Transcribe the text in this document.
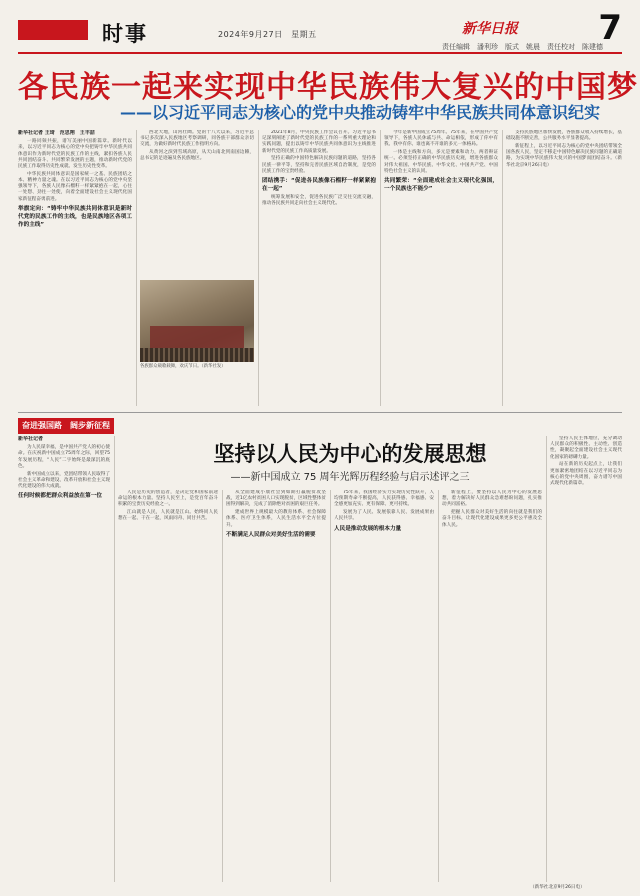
时事	2024年9月27日　星期五	新华日报 7
责任编辑　潘利珍　版式　姚晨　责任校对　陈建德
各民族一起来实现中华民族伟大复兴的中国梦
——以习近平同志为核心的党中央推动铸牢中华民族共同体意识纪实
新华社记者 王琦　范思翔　王丰喆

一路同频共振，谱写美丽中国新篇章。新时代以来，以习近平同志为核心的党中央把铸牢中华民族共同体意识作为新时代党的民族工作的主线，紧扣各族人民共同团结奋斗、共同繁荣发展的主题，推动新时代党的民族工作取得历史性成就、发生历史性变革。

中华民族共同体意识是国家统一之基、民族团结之本、精神力量之魂。在以习近平同志为核心的党中央坚强领导下，各族人民像石榴籽一样紧紧抱在一起，心往一处想、劲往一处使，向着全面建设社会主义现代化国家新征程奋勇前进。

举旗定向：“铸牢中华民族共同体意识是新时代党的民族工作的主线，也是民族地区各项工作的主线”

西北大地，山河壮阔。党的十八大以来，习近平总书记多次深入民族地区考察调研，同各族干部群众亲切交流，为做好新时代民族工作指明方向。

从黄河之滨到雪域高原，从天山南北到南国边陲，总书记的足迹遍及各民族地区。

各族群众载歌载舞，欢庆节日。（新华社发）

2021年8月，中央民族工作会议召开。习近平总书记深刻阐述了新时代党的民族工作的一系列重大理论和实践问题，提出以铸牢中华民族共同体意识为主线推进新时代党的民族工作高质量发展。

坚持正确的中国特色解决民族问题的道路，坚持各民族一律平等，坚持和完善民族区域自治制度，是党的民族工作的宝贵经验。

团结携手：“促进各民族像石榴籽一样紧紧抱在一起”

统筹发展和安全，促进各民族广泛交往交流交融，推动各民族共同走向社会主义现代化。

今年是新中国成立75周年。75年来，在中国共产党领导下，各族人民休戚与共、命运相依，形成了你中有我、我中有你、谁也离不开谁的多元一体格局。

一体是主线和方向，多元是要素和动力，两者辩证统一。必须坚持正确的中华民族历史观，增进各族群众对伟大祖国、中华民族、中华文化、中国共产党、中国特色社会主义的认同。

共同繁荣：“全面建成社会主义现代化强国，一个民族也不能少”

支持民族地区加快发展，各族群众收入持续增长，基础设施不断完善，公共服务水平显著提高。

新征程上，以习近平同志为核心的党中央团结带领全国各族人民，坚定不移走中国特色解决民族问题的正确道路，为实现中华民族伟大复兴的中国梦而团结奋斗。（新华社北京9月26日电）

奋进强国路　阔步新征程
坚持以人民为中心的发展思想
——新中国成立 75 周年光辉历程经验与启示述评之三
新华社记者

为人民谋幸福，是中国共产党人的初心使命。在庆祝新中国成立75周年之际，回望75年发展历程，“人民”二字始终是最深沉的底色。

新中国成立以来，党团结带领人民取得了社会主义革命和建设、改革开放和社会主义现代化建设的伟大成就。

任何时候都把群众利益放在第一位

人民是历史的创造者，是决定党和国家前途命运的根本力量。坚持人民至上，是党百年奋斗积累的宝贵历史经验之一。

江山就是人民，人民就是江山。始终同人民想在一起、干在一起，风雨同舟、同甘共苦。

从全面建成小康社会到如期打赢脱贫攻坚战，近1亿农村贫困人口实现脱贫，区域性整体贫困得到解决，完成了消除绝对贫困的艰巨任务。

建成世界上规模最大的教育体系、社会保障体系、医疗卫生体系，人民生活水平全方位提升。

不断满足人民群众对美好生活的需要

75年来，我国经济实力实现历史性跃升，人均预期寿命不断提高，人民获得感、幸福感、安全感更加充实、更有保障、更可持续。

发展为了人民、发展依靠人民、发展成果由人民共享。

人民是推动发展的根本力量

新征程上，要坚持以人民为中心的发展思想，着力解决好人民群众急难愁盼问题，扎实推动共同富裕。

把握人民群众对美好生活的向往就是我们的奋斗目标，让现代化建设成果更多更公平惠及全体人民。

坚持人民主体地位，充分调动人民群众的积极性、主动性、创造性，凝聚起全面建设社会主义现代化国家的磅礴力量。

站在新的历史起点上，让我们更加紧密地团结在以习近平同志为核心的党中央周围，奋力谱写中国式现代化新篇章。

（新华社北京9月26日电）
